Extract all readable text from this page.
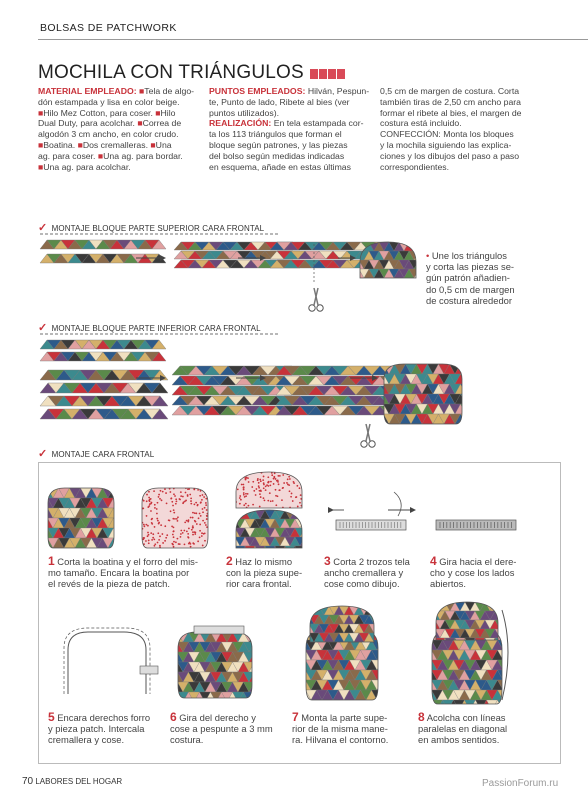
BOLSAS DE PATCHWORK
MOCHILA CON TRIÁNGULOS
MATERIAL EMPLEADO: ■Tela de algo-
dón estampada y lisa en color beige.
■Hilo Mez Cotton, para coser. ■Hilo
Dual Duty, para acolchar. ■Correa de
algodón 3 cm ancho, en color crudo.
■Boatina. ■Dos cremalleras. ■Una
ag. para coser. ■Una ag. para bordar.
■Una ag. para acolchar.
PUNTOS EMPLEADOS: Hilván, Pespun-
te, Punto de lado, Ribete al bies (ver
puntos utilizados).
REALIZACIÓN: En tela estampada cor-
ta los 113 triángulos que forman el
bloque según patrones, y las piezas
del bolso según medidas indicadas
en esquema, añade en estas últimas
0,5 cm de margen de costura. Corta
también tiras de 2,50 cm ancho para
formar el ribete al bies, el margen de
costura está incluido.
CONFECCIÓN: Monta los bloques
y la mochila siguiendo las explica-
ciones y los dibujos del paso a paso
correspondientes.
✓ MONTAJE BLOQUE PARTE SUPERIOR CARA FRONTAL
• Une los triángulos
y corta las piezas se-
gún patrón añadien-
do 0,5 cm de margen
de costura alrededor
✓ MONTAJE BLOQUE PARTE INFERIOR CARA FRONTAL
✓ MONTAJE CARA FRONTAL
1 Corta la boatina y el forro del mis-
mo tamaño. Encara la boatina por
el revés de la pieza de patch.
2 Haz lo mismo
con la pieza supe-
rior cara frontal.
3 Corta 2 trozos tela
ancho cremallera y
cose como dibujo.
4 Gira hacia el dere-
cho y cose los lados
abiertos.
5 Encara derechos forro
y pieza patch. Intercala
cremallera y cose.
6 Gira del derecho y
cose a pespunte a 3 mm
costura.
7 Monta la parte supe-
rior de la misma mane-
ra. Hilvana el contorno.
8 Acolcha con líneas
paralelas en diagonal
en ambos sentidos.
70 LABORES DEL HOGAR	PassionForum.ru
